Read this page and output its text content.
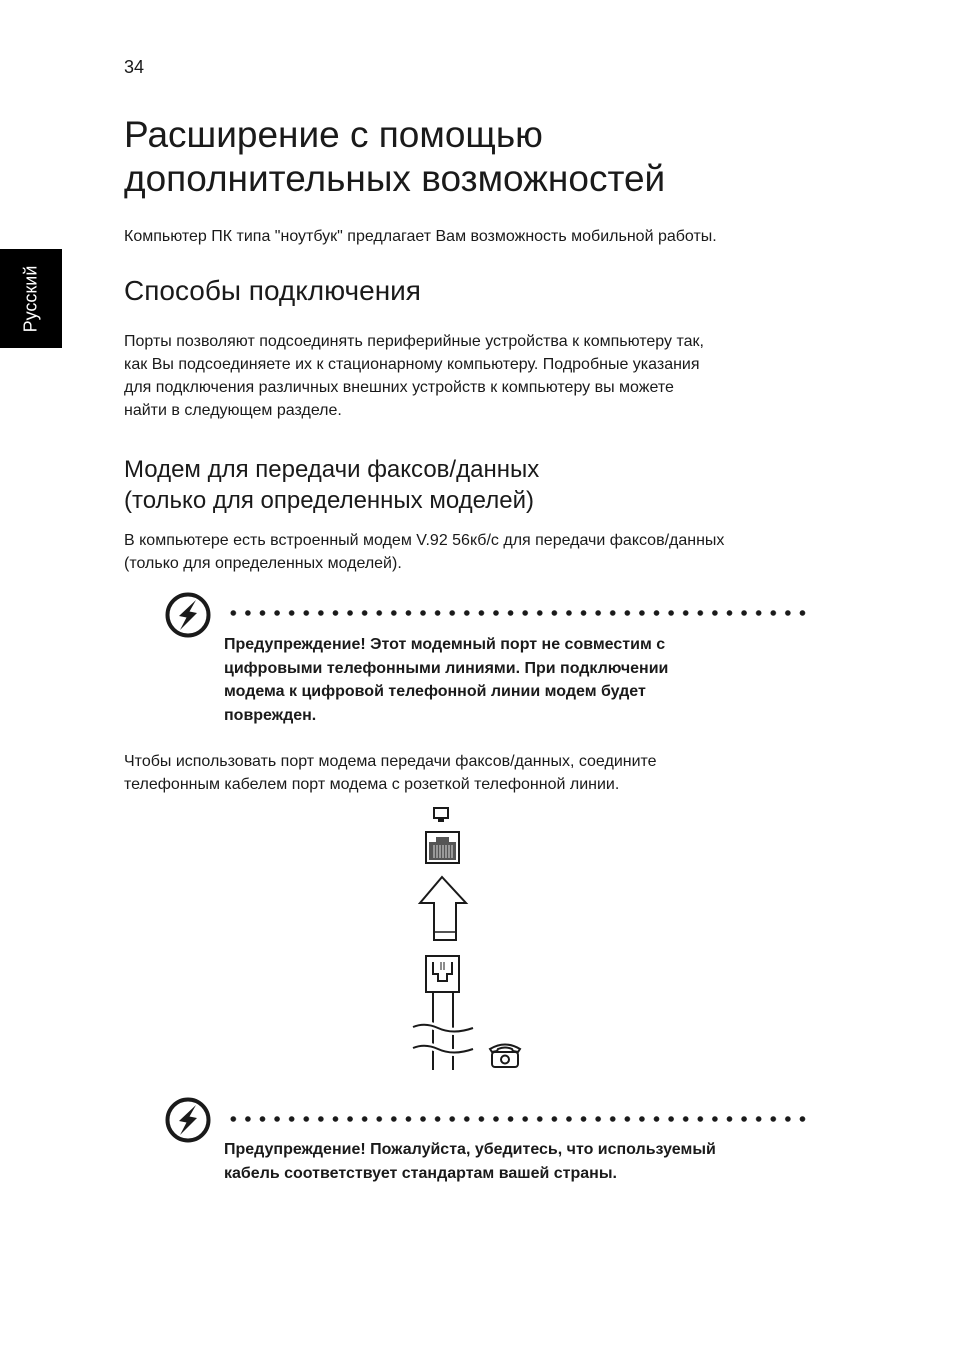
34
Русский
Расширение с помощью
дополнительных возможностей
Компьютер ПК типа "ноутбук" предлагает Вам возможность мобильной работы.
Способы подключения

Порты позволяют подсоединять периферийные устройства к компьютеру так,
как Вы подсоединяете их к стационарному компьютеру. Подробные указания
для подключения различных внешних устройств к компьютеру вы можете
найти в следующем разделе.

Модем для передачи факсов/данных
(только для определенных моделей)

В компьютере есть встроенный модем V.92 56кб/с для передачи факсов/данных
(только для определенных моделей).

Предупреждение! Этот модемный порт не совместим с
цифровыми телефонными линиями. При подключении
модема к цифровой телефонной линии модем будет
поврежден.

Чтобы использовать порт модема передачи факсов/данных, соедините
телефонным кабелем порт модема с розеткой телефонной линии.

Предупреждение! Пожалуйста, убедитесь, что используемый
кабель соответствует стандартам вашей страны.
